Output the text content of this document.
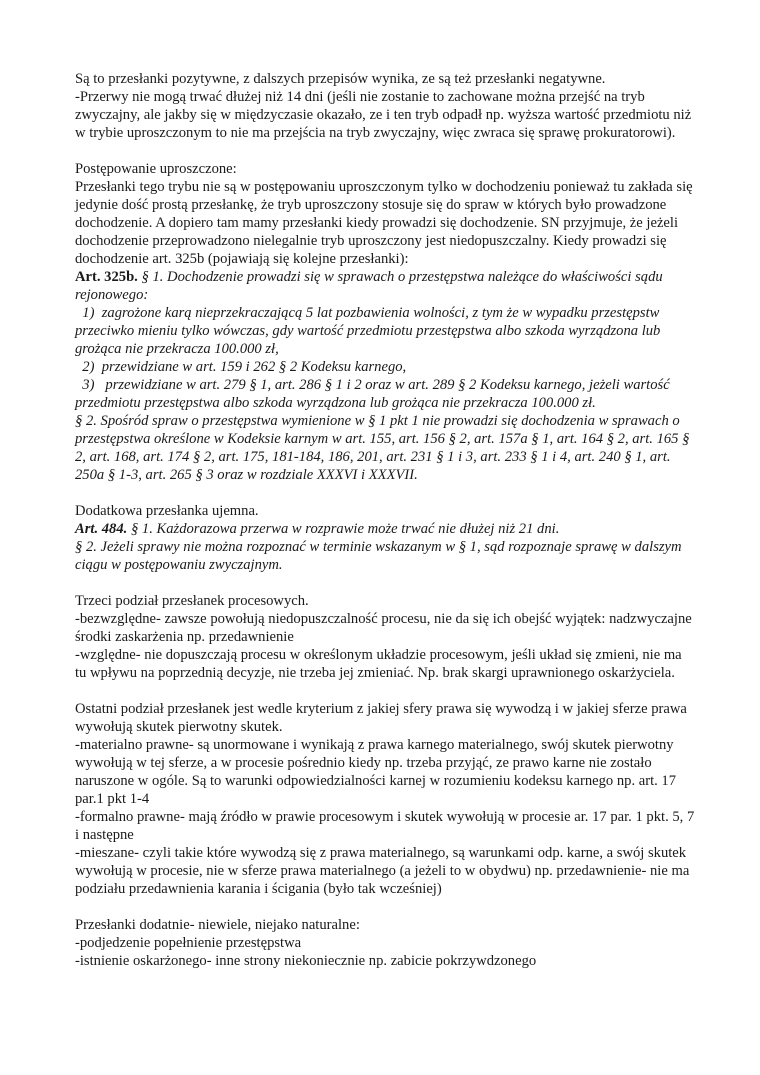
Są to przesłanki pozytywne, z dalszych przepisów wynika, ze są też przesłanki negatywne.

-Przerwy nie mogą trwać dłużej niż 14 dni (jeśli nie zostanie to zachowane można przejść na tryb zwyczajny, ale jakby się w międzyczasie okazało, ze i ten tryb odpadł np. wyższa wartość przedmiotu niż w trybie uproszczonym to nie ma przejścia na tryb zwyczajny, więc zwraca się sprawę prokuratorowi).

Postępowanie uproszczone:

Przesłanki tego trybu nie są w postępowaniu uproszczonym tylko w dochodzeniu ponieważ tu zakłada się jedynie dość prostą przesłankę, że tryb uproszczony stosuje się do spraw w których było prowadzone dochodzenie. A dopiero tam mamy przesłanki kiedy prowadzi się dochodzenie. SN przyjmuje, że jeżeli dochodzenie przeprowadzono nielegalnie tryb uproszczony jest niedopuszczalny. Kiedy prowadzi się dochodzenie art. 325b (pojawiają się kolejne przesłanki):

Art. 325b. § 1. Dochodzenie prowadzi się w sprawach o przestępstwa należące do właściwości sądu rejonowego:

1)  zagrożone karą nieprzekraczającą 5 lat pozbawienia wolności, z tym że w wypadku przestępstw przeciwko mieniu tylko wówczas, gdy wartość przedmiotu przestępstwa albo szkoda wyrządzona lub grożąca nie przekracza 100.000 zł,

2)  przewidziane w art. 159 i 262 § 2 Kodeksu karnego,

3)   przewidziane w art. 279 § 1, art. 286 § 1 i 2 oraz w art. 289 § 2 Kodeksu karnego, jeżeli wartość przedmiotu przestępstwa albo szkoda wyrządzona lub grożąca nie przekracza 100.000 zł.

§ 2. Spośród spraw o przestępstwa wymienione w § 1 pkt 1 nie prowadzi się dochodzenia w sprawach o przestępstwa określone w Kodeksie karnym w art. 155, art. 156 § 2, art. 157a § 1, art. 164 § 2, art. 165 § 2, art. 168, art. 174 § 2, art. 175, 181-184, 186, 201, art. 231 § 1 i 3, art. 233 § 1 i 4, art. 240 § 1, art. 250a § 1-3, art. 265 § 3 oraz w rozdziale XXXVI i XXXVII.

Dodatkowa przesłanka ujemna.

Art. 484. § 1. Każdorazowa przerwa w rozprawie może trwać nie dłużej niż 21 dni.

§ 2. Jeżeli sprawy nie można rozpoznać w terminie wskazanym w § 1, sąd rozpoznaje sprawę w dalszym ciągu w postępowaniu zwyczajnym.

Trzeci podział przesłanek procesowych.

-bezwzględne- zawsze powołują niedopuszczalność procesu, nie da się ich obejść wyjątek: nadzwyczajne środki zaskarżenia np. przedawnienie

-względne- nie dopuszczają procesu w określonym układzie procesowym, jeśli układ się zmieni, nie ma tu wpływu na poprzednią decyzje, nie trzeba jej zmieniać. Np. brak skargi uprawnionego oskarżyciela.

Ostatni podział przesłanek jest wedle kryterium z jakiej sfery prawa się wywodzą i w jakiej sferze prawa wywołują skutek pierwotny skutek.

-materialno prawne- są unormowane i wynikają z prawa karnego materialnego, swój skutek pierwotny wywołują w tej sferze, a w procesie pośrednio kiedy np. trzeba przyjąć, ze prawo karne nie zostało naruszone w ogóle. Są to warunki odpowiedzialności karnej w rozumieniu kodeksu karnego np. art. 17 par.1 pkt 1-4

-formalno prawne- mają źródło w prawie procesowym i skutek wywołują w procesie ar. 17 par. 1 pkt. 5, 7 i następne

-mieszane- czyli takie które wywodzą się z prawa materialnego, są warunkami odp. karne, a swój skutek wywołują w procesie, nie w sferze prawa materialnego (a jeżeli to w obydwu) np. przedawnienie- nie ma podziału przedawnienia karania i ścigania (było tak wcześniej)

Przesłanki dodatnie- niewiele, niejako naturalne:

-podjedzenie popełnienie przestępstwa

-istnienie oskarżonego- inne strony niekoniecznie np. zabicie pokrzywdzonego
